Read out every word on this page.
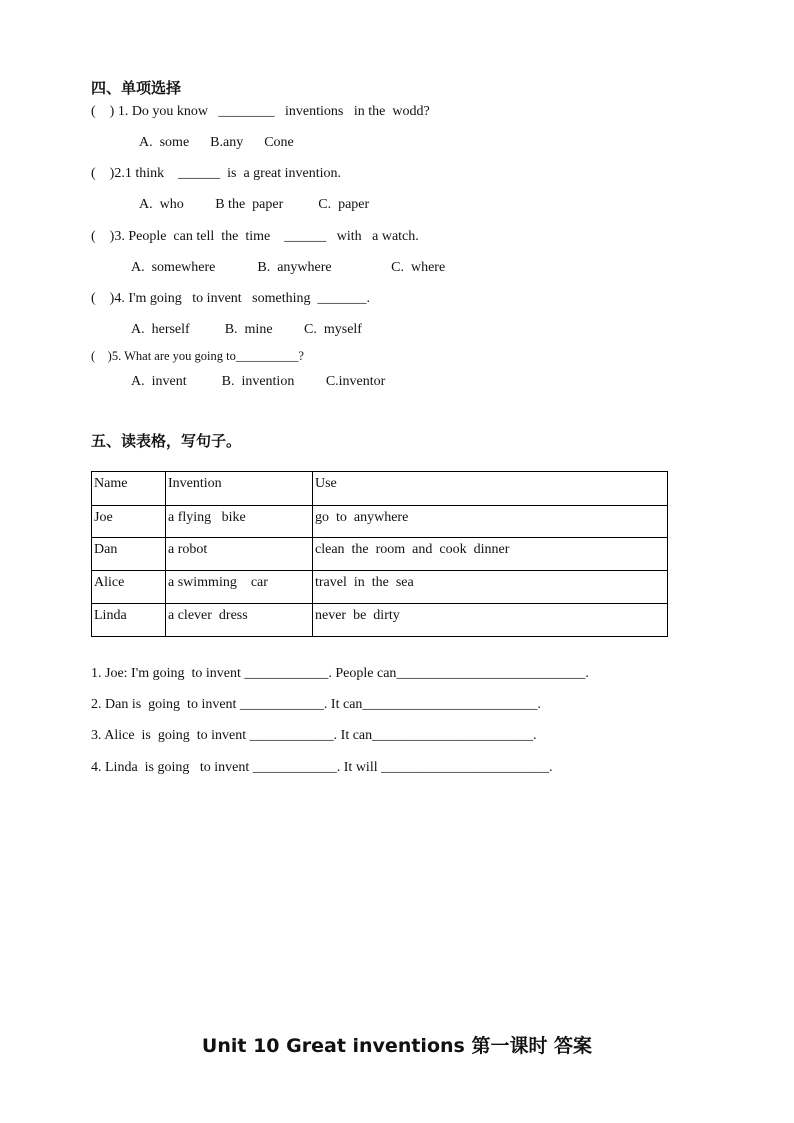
四、单项选择
(    ) 1. Do you know   ________   inventions   in the  wodd?
A.  some      B.any      Cone
(    )2.1 think    ______  is  a great invention.
A.  who         B the  paper          C.  paper
(    )3. People  can tell  the  time    ______   with   a watch.
A.  somewhere            B.  anywhere                 C.  where
(    )4. I'm going   to invent   something  _______.
A.  herself          B.  mine         C.  myself
(    )5. What are you going to__________?
A.  invent          B.  invention         C.inventor
五、读表格，写句子。
Name	Invention	Use
Joe	a flying   bike	go  to  anywhere
Dan	a robot	clean  the  room  and  cook  dinner
Alice	a swimming    car	travel  in  the  sea
Linda	a clever  dress	never  be  dirty
1. Joe: I'm going  to invent ____________. People can___________________________.
2. Dan is  going  to invent ____________. It can_________________________.
3. Alice  is  going  to invent ____________. It can_______________________.
4. Linda  is going   to invent ____________. It will ________________________.
Unit 10 Great inventions 第一课时 答案
